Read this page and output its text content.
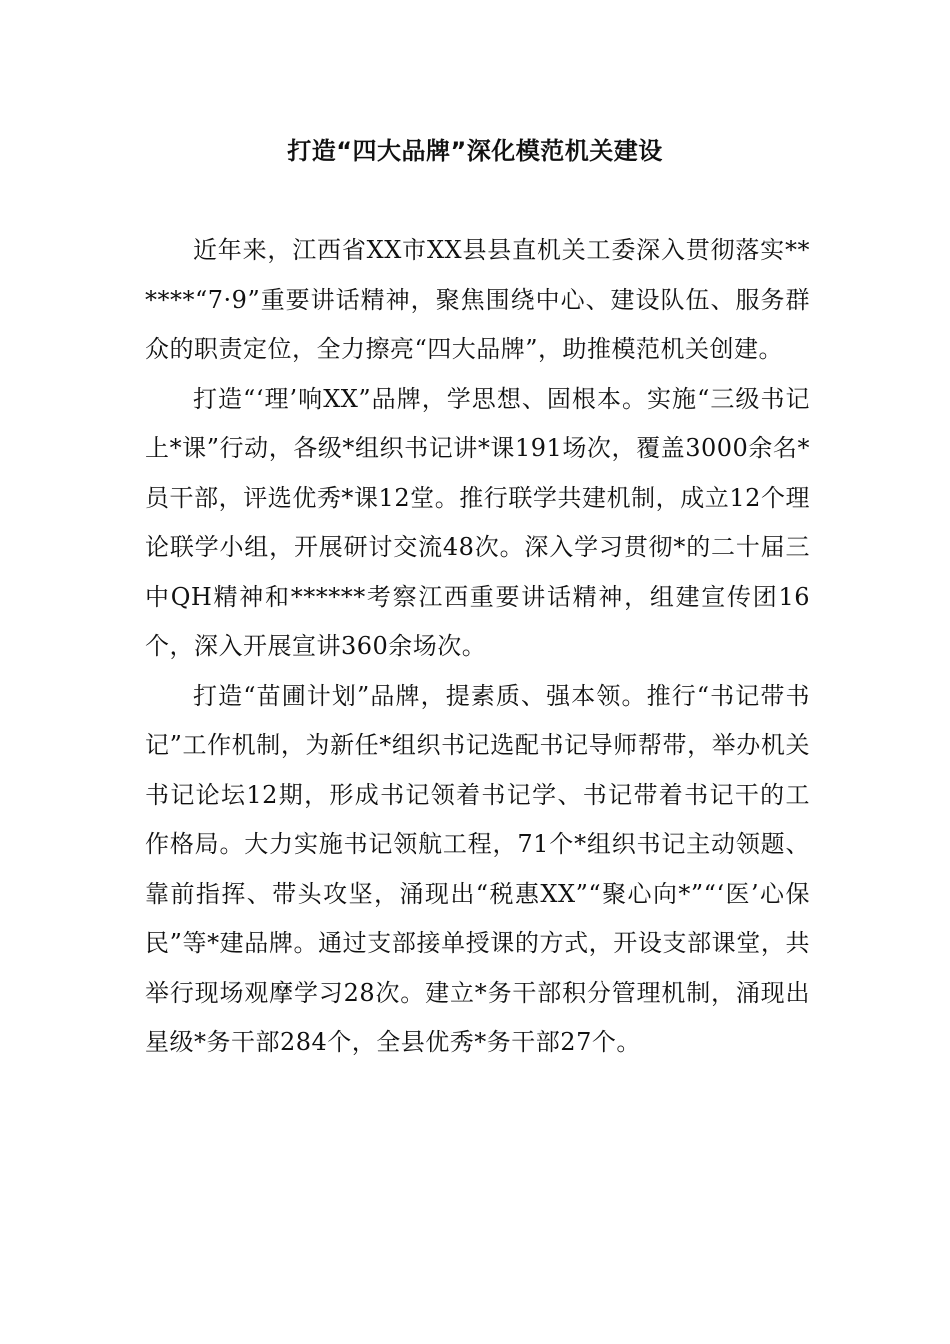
打造“四大品牌”深化模范机关建设

近年来，江西省XX市XX县县直机关工委深入贯彻落实******“7·9”重要讲话精神，聚焦围绕中心、建设队伍、服务群众的职责定位，全力擦亮“四大品牌”，助推模范机关创建。

打造“‘理’响XX”品牌，学思想、固根本。实施“三级书记上*课”行动，各级*组织书记讲*课191场次，覆盖3000余名*员干部，评选优秀*课12堂。推行联学共建机制，成立12个理论联学小组，开展研讨交流48次。深入学习贯彻*的二十届三中QH精神和******考察江西重要讲话精神，组建宣传团16个，深入开展宣讲360余场次。

打造“苗圃计划”品牌，提素质、强本领。推行“书记带书记”工作机制，为新任*组织书记选配书记导师帮带，举办机关书记论坛12期，形成书记领着书记学、书记带着书记干的工作格局。大力实施书记领航工程，71个*组织书记主动领题、靠前指挥、带头攻坚，涌现出“税惠XX”“聚心向*”“‘医’心保民”等*建品牌。通过支部接单授课的方式，开设支部课堂，共举行现场观摩学习28次。建立*务干部积分管理机制，涌现出星级*务干部284个，全县优秀*务干部27个。
